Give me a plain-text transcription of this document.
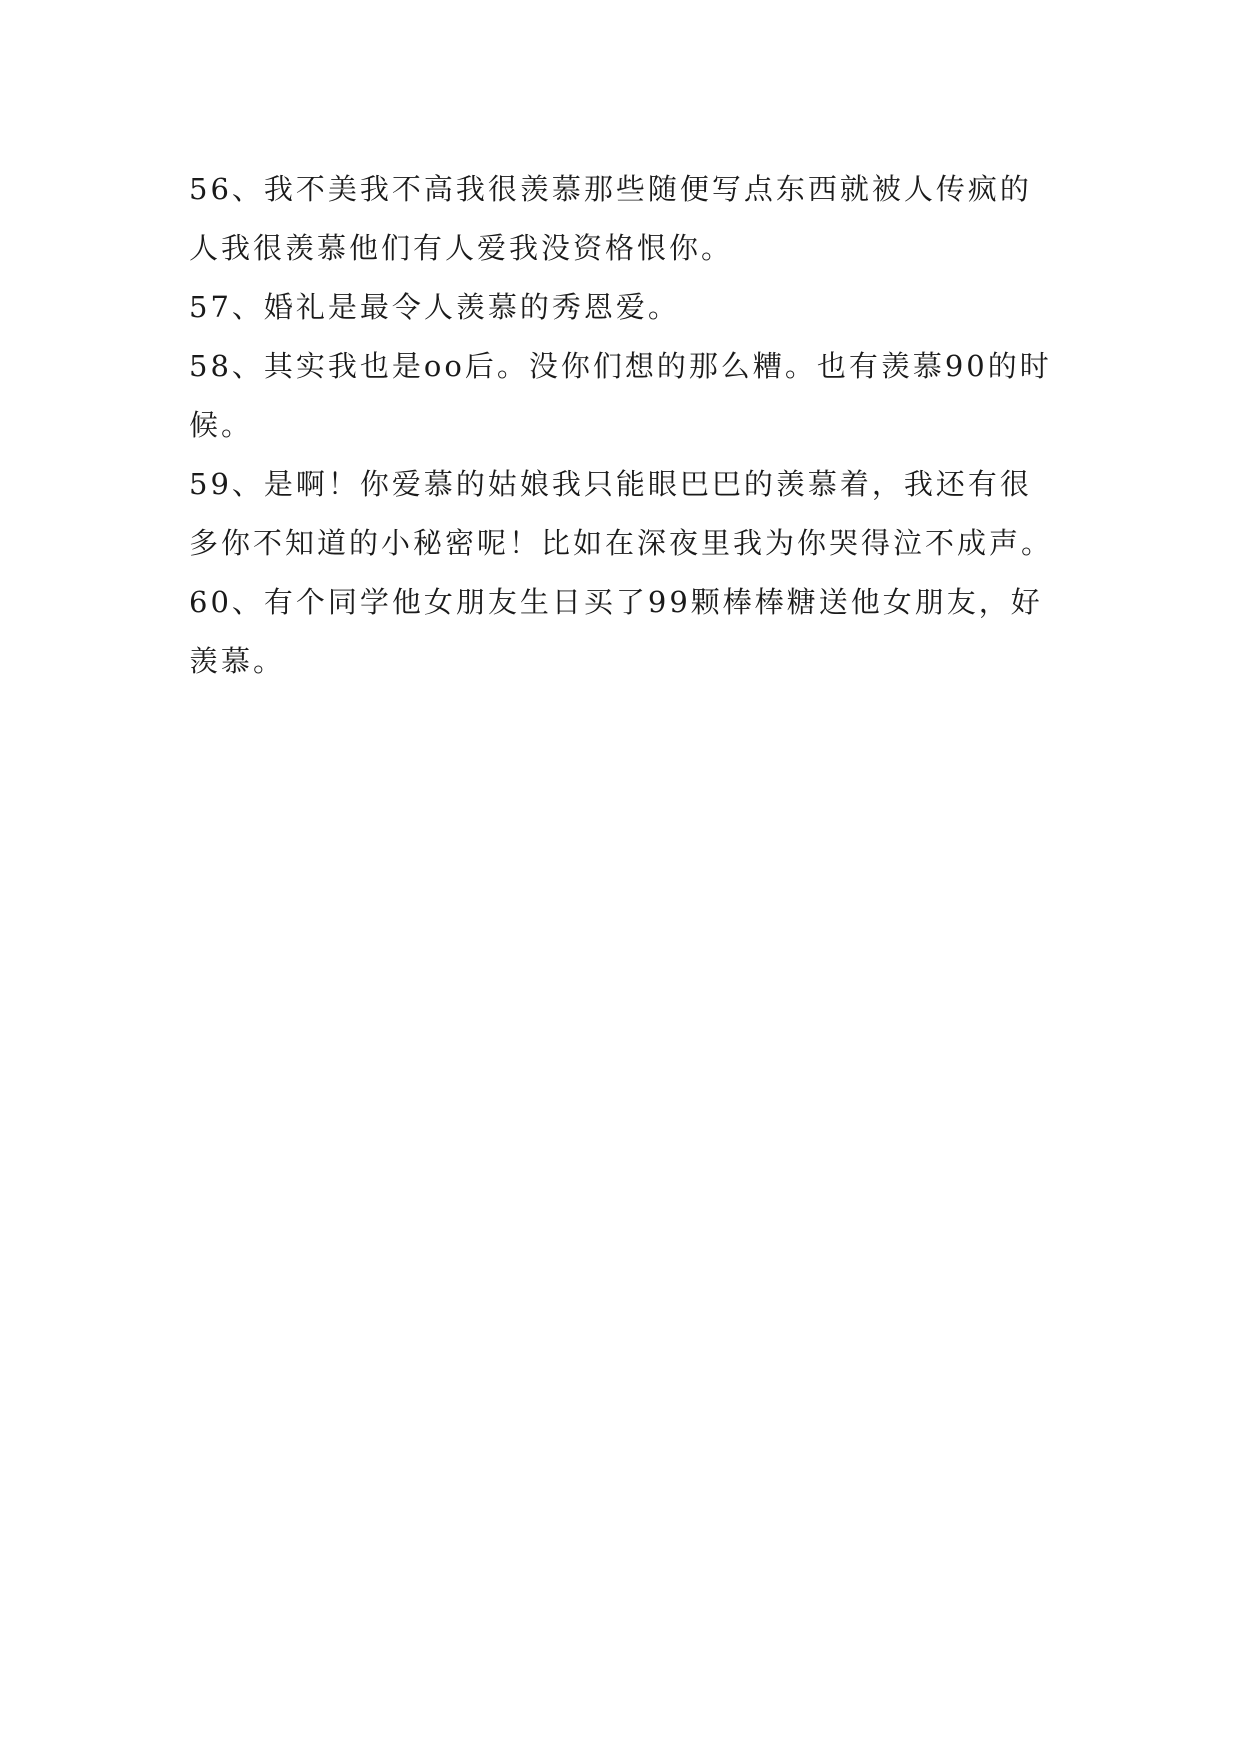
56、我不美我不高我很羡慕那些随便写点东西就被人传疯的人我很羡慕他们有人爱我没资格恨你。

57、婚礼是最令人羡慕的秀恩爱。

58、其实我也是oo后。没你们想的那么糟。也有羡慕90的时候。

59、是啊！你爱慕的姑娘我只能眼巴巴的羡慕着，我还有很多你不知道的小秘密呢！比如在深夜里我为你哭得泣不成声。

60、有个同学他女朋友生日买了99颗棒棒糖送他女朋友，好羡慕。
